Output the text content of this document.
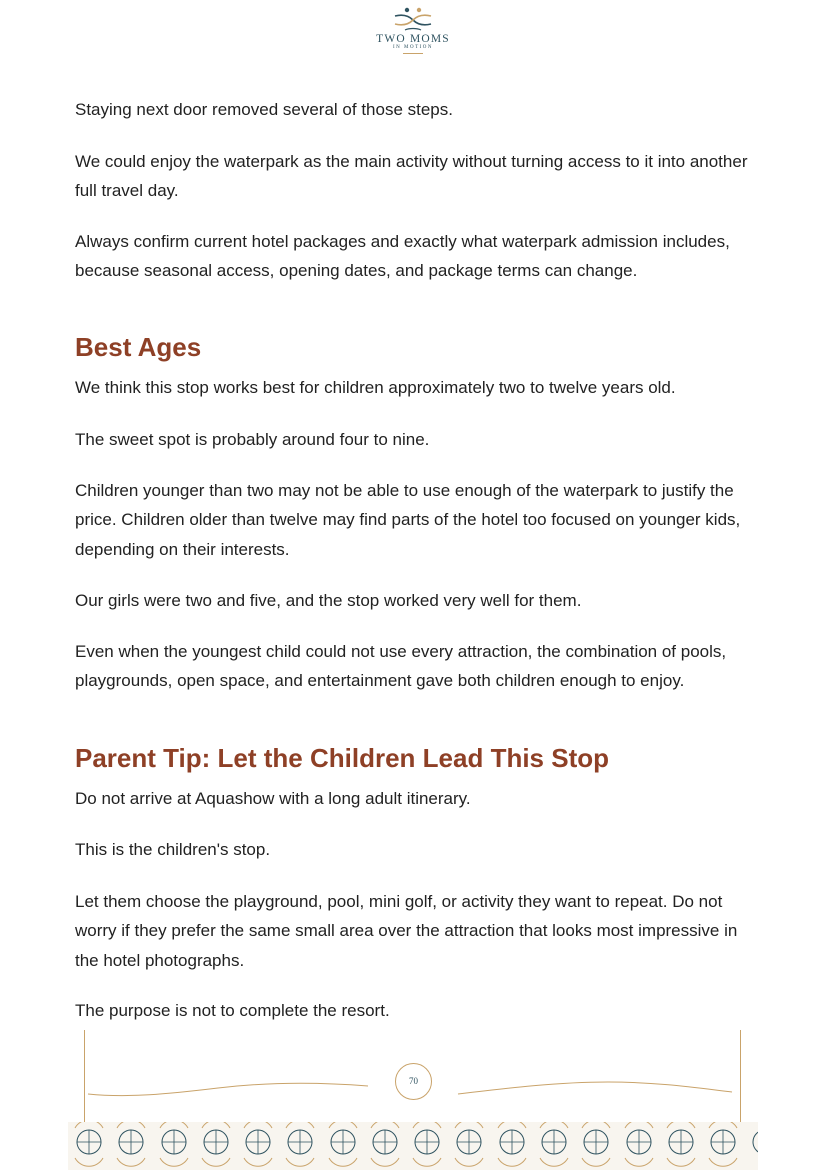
TWO MOMS
IN MOTION

Staying next door removed several of those steps.

We could enjoy the waterpark as the main activity without turning access to it into another full travel day.

Always confirm current hotel packages and exactly what waterpark admission includes, because seasonal access, opening dates, and package terms can change.

Best Ages

We think this stop works best for children approximately two to twelve years old.

The sweet spot is probably around four to nine.

Children younger than two may not be able to use enough of the waterpark to justify the price. Children older than twelve may find parts of the hotel too focused on younger kids, depending on their interests.

Our girls were two and five, and the stop worked very well for them.

Even when the youngest child could not use every attraction, the combination of pools, playgrounds, open space, and entertainment gave both children enough to enjoy.

Parent Tip: Let the Children Lead This Stop

Do not arrive at Aquashow with a long adult itinerary.

This is the children's stop.

Let them choose the playground, pool, mini golf, or activity they want to repeat. Do not worry if they prefer the same small area over the attraction that looks most impressive in the hotel photographs.

The purpose is not to complete the resort.

70
